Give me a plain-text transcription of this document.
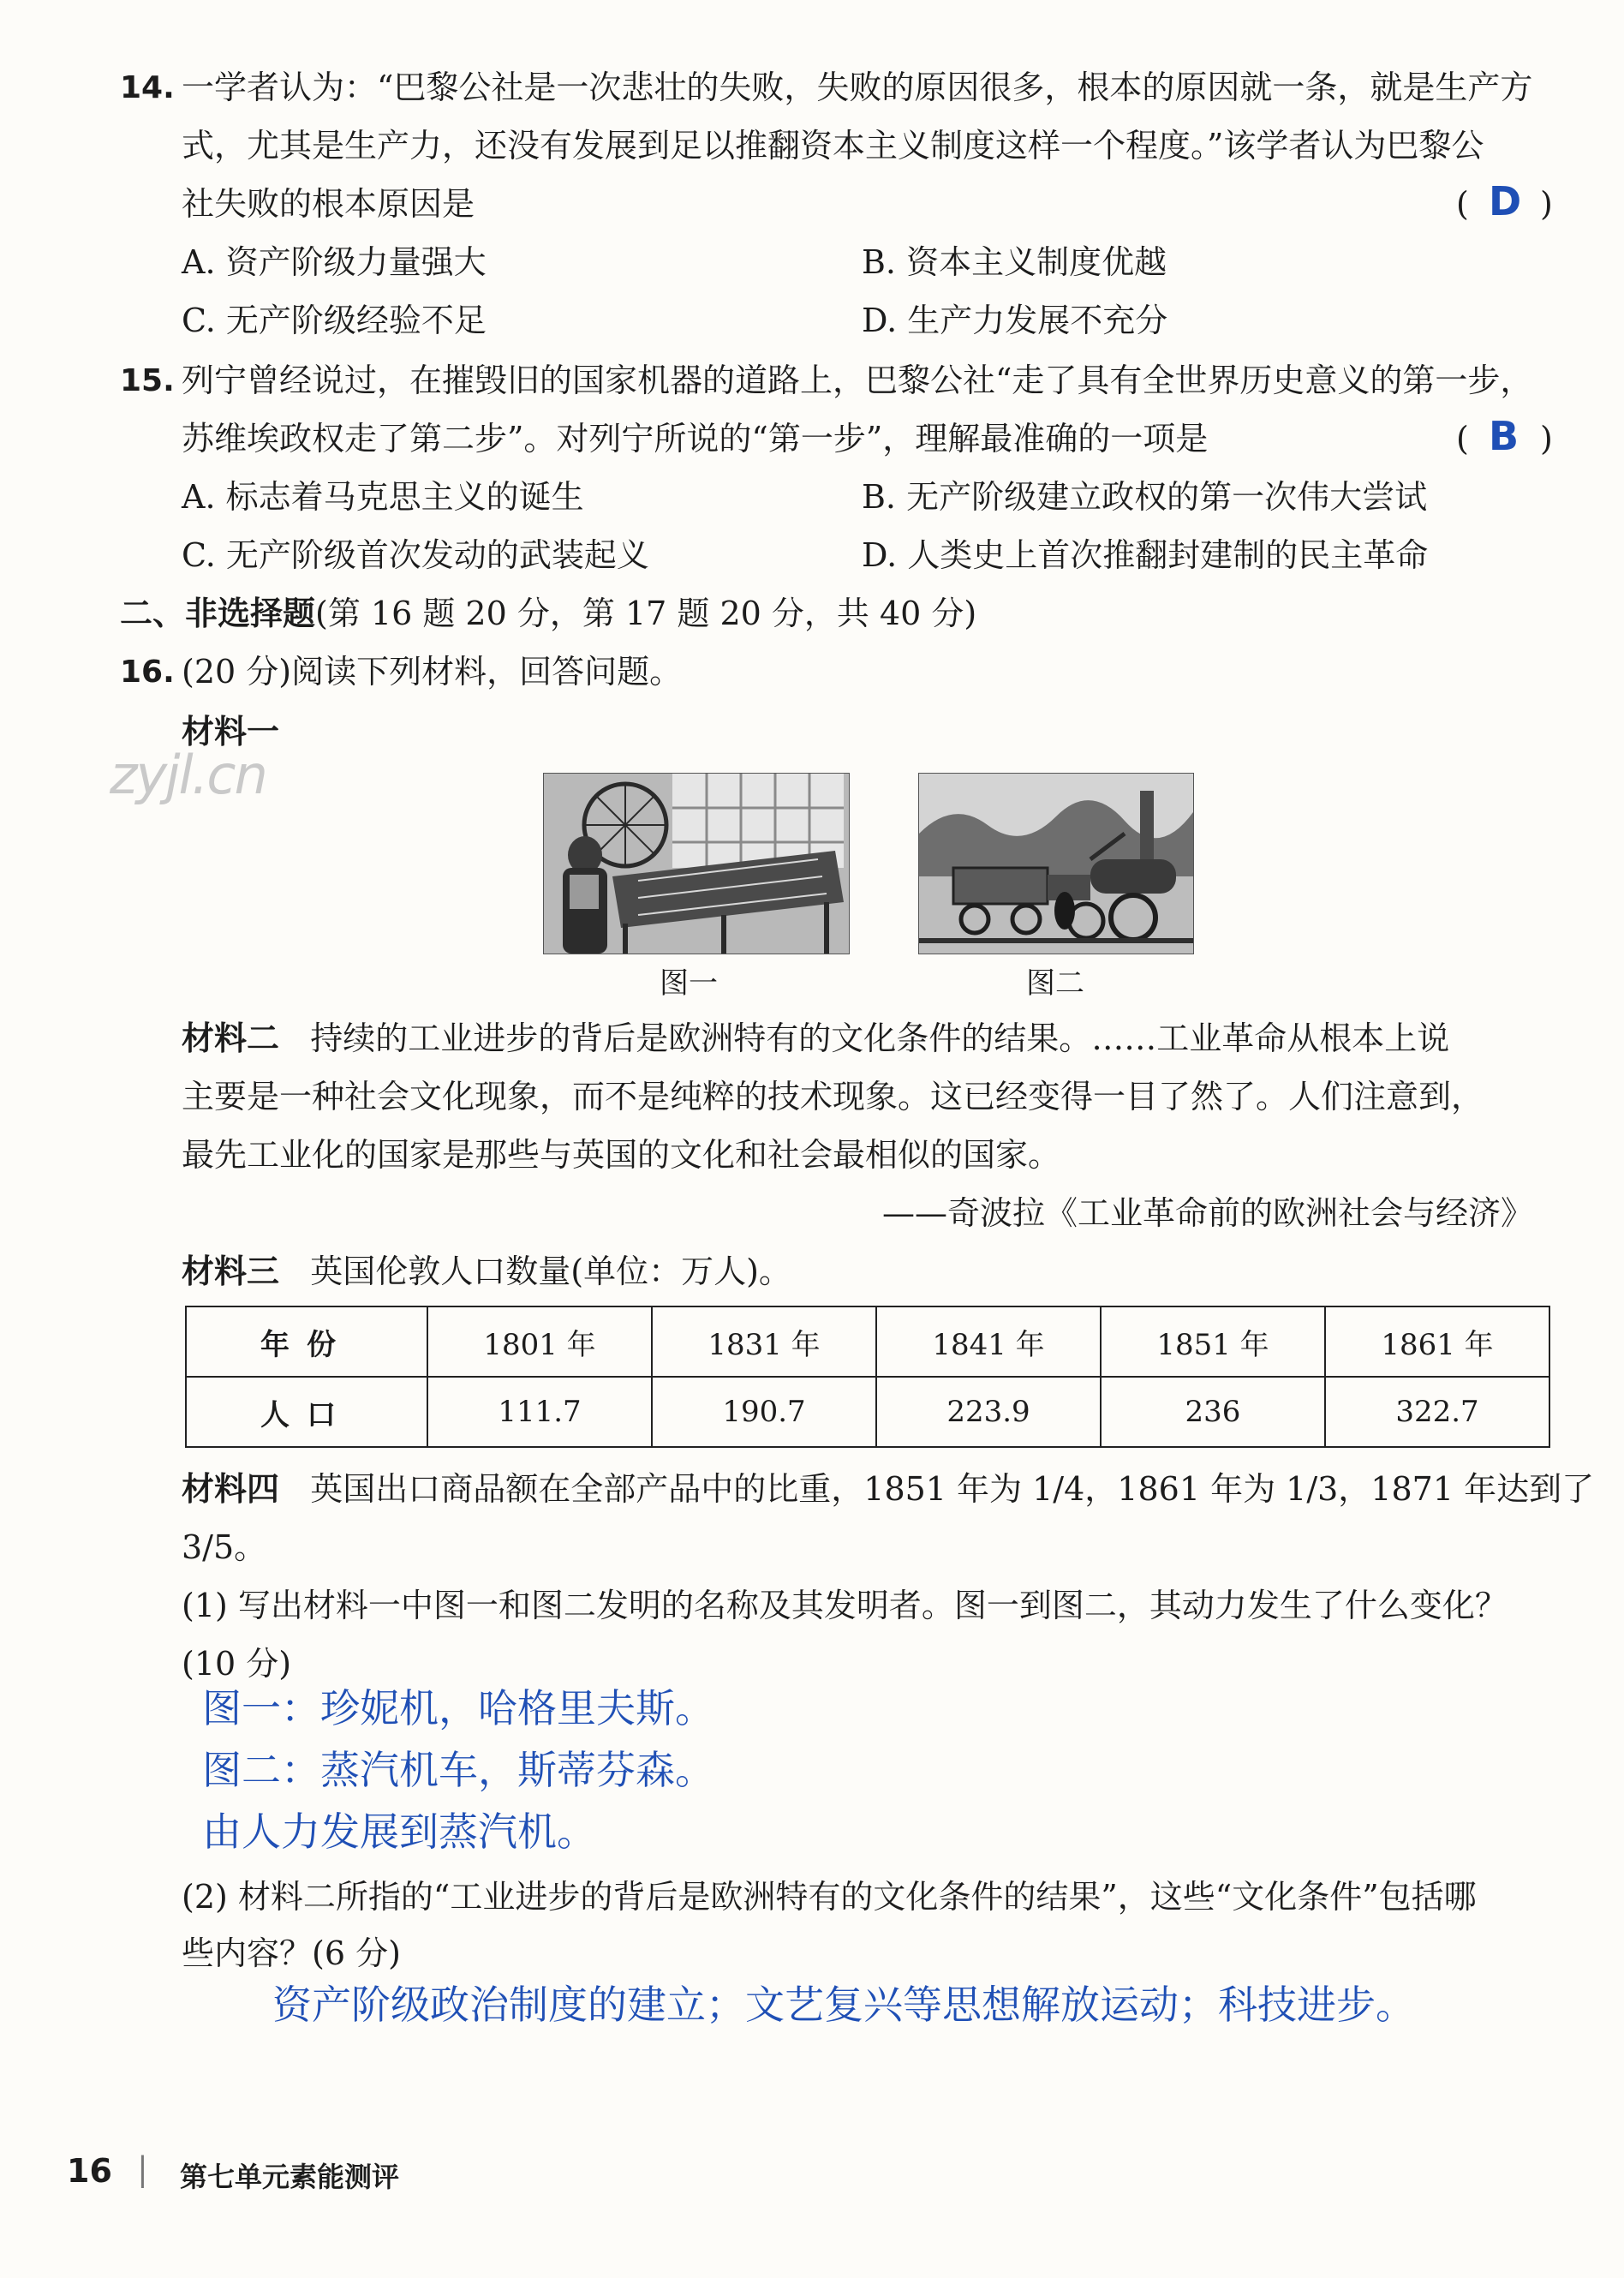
14. 一学者认为：“巴黎公社是一次悲壮的失败，失败的原因很多，根本的原因就一条，就是生产方
式，尤其是生产力，还没有发展到足以推翻资本主义制度这样一个程度。”该学者认为巴黎公
社失败的根本原因是	( D )
A. 资产阶级力量强大	B. 资本主义制度优越
C. 无产阶级经验不足	D. 生产力发展不充分
15. 列宁曾经说过，在摧毁旧的国家机器的道路上，巴黎公社“走了具有全世界历史意义的第一步，
苏维埃政权走了第二步”。对列宁所说的“第一步”，理解最准确的一项是	( B )
A. 标志着马克思主义的诞生	B. 无产阶级建立政权的第一次伟大尝试
C. 无产阶级首次发动的武装起义	D. 人类史上首次推翻封建制的民主革命
二、非选择题(第 16 题 20 分，第 17 题 20 分，共 40 分)
16. (20 分)阅读下列材料，回答问题。
材料一
zyjl.cn
图一	图二
材料二 持续的工业进步的背后是欧洲特有的文化条件的结果。……工业革命从根本上说
主要是一种社会文化现象，而不是纯粹的技术现象。这已经变得一目了然了。人们注意到，
最先工业化的国家是那些与英国的文化和社会最相似的国家。
——奇波拉《工业革命前的欧洲社会与经济》
材料三 英国伦敦人口数量(单位：万人)。
年份	1801 年	1831 年	1841 年	1851 年	1861 年
人口	111.7	190.7	223.9	236	322.7
材料四 英国出口商品额在全部产品中的比重，1851 年为 1/4，1861 年为 1/3，1871 年达到了
3/5。
(1) 写出材料一中图一和图二发明的名称及其发明者。图一到图二，其动力发生了什么变化？
(10 分)
图一：珍妮机，哈格里夫斯。
图二：蒸汽机车，斯蒂芬森。
由人力发展到蒸汽机。
(2) 材料二所指的“工业进步的背后是欧洲特有的文化条件的结果”，这些“文化条件”包括哪
些内容？(6 分)
资产阶级政治制度的建立；文艺复兴等思想解放运动；科技进步。
16 | 第七单元素能测评
